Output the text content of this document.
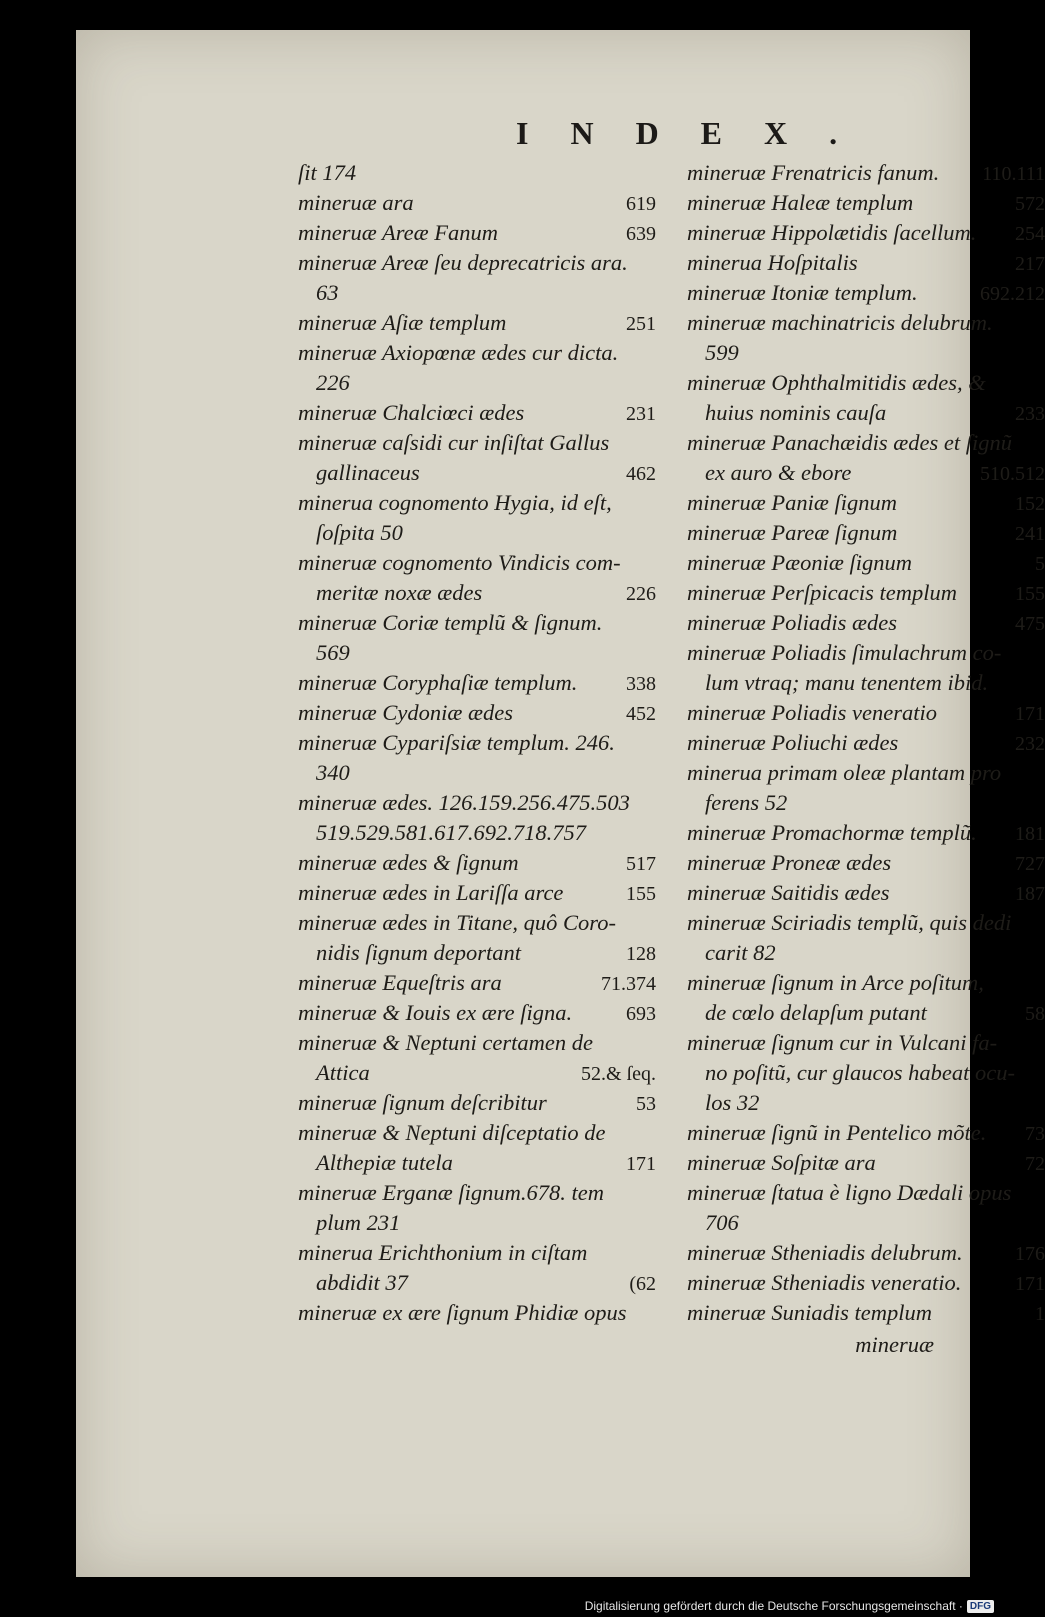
INDEX.
ſit 174
mineruæ ara	619
mineruæ Areæ Fanum	639
mineruæ Areæ ſeu deprecatricis ara.
63
mineruæ Aſiæ templum	251
mineruæ Axiopœnæ ædes cur dicta.
226
mineruæ Chalciœci ædes	231
mineruæ caſsidi cur inſiſtat Gallus
gallinaceus	462
minerua cognomento Hygia, id eſt,
ſoſpita 50
mineruæ cognomento Vindicis com-
meritæ noxæ ædes	226
mineruæ Coriæ templũ & ſignum.
569
mineruæ Coryphaſiæ templum.	338
mineruæ Cydoniæ ædes	452
mineruæ Cypariſsiæ templum. 246.
340
mineruæ ædes. 126.159.256.475.503
519.529.581.617.692.718.757
mineruæ ædes & ſignum	517
mineruæ ædes in Lariſſa arce	155
mineruæ ædes in Titane, quô Coro-
nidis ſignum deportant	128
mineruæ Equeſtris ara	71.374
mineruæ & Iouis ex ære ſigna.	693
mineruæ & Neptuni certamen de
Attica	52.& ſeq.
mineruæ ſignum deſcribitur	53
mineruæ & Neptuni diſceptatio de
Althepiæ tutela	171
mineruæ Erganæ ſignum.678. tem
plum 231
minerua Erichthonium in ciſtam
abdidit 37	(62
mineruæ ex ære ſignum Phidiæ opus
mineruæ Frenatricis fanum.	110.111
mineruæ Haleæ templum	572
mineruæ Hippolætidis ſacellum.	254
minerua Hoſpitalis	217
mineruæ Itoniæ templum.	692.212
mineruæ machinatricis delubrum.
599
mineruæ Ophthalmitidis ædes, &
huius nominis cauſa	233
mineruæ Panachæidis ædes et ſignũ
ex auro & ebore	510.512
mineruæ Paniæ ſignum	152
mineruæ Pareæ ſignum	241
mineruæ Pæoniæ ſignum	5
mineruæ Perſpicacis templum	155
mineruæ Poliadis ædes	475
mineruæ Poliadis ſimulachrum co-
lum vtraq; manu tenentem ibid.
mineruæ Poliadis veneratio	171
mineruæ Poliuchi ædes	232
minerua primam oleæ plantam pro
ferens 52
mineruæ Promachormæ templũ.	181
mineruæ Proneæ ædes	727
mineruæ Saitidis ædes	187
mineruæ Sciriadis templũ, quis dedi
carit 82
mineruæ ſignum in Arce poſitum,
de cœlo delapſum putant	58
mineruæ ſignum cur in Vulcani fa-
no poſitũ, cur glaucos habeat ocu-
los 32
mineruæ ſignũ in Pentelico mõte.	73
mineruæ Soſpitæ ara	72
mineruæ ſtatua è ligno Dædali opus
706
mineruæ Stheniadis delubrum.	176
mineruæ Stheniadis veneratio.	171
mineruæ Suniadis templum	1
mineruæ
Digitalisierung gefördert durch die Deutsche Forschungsgemeinschaft · DFG
